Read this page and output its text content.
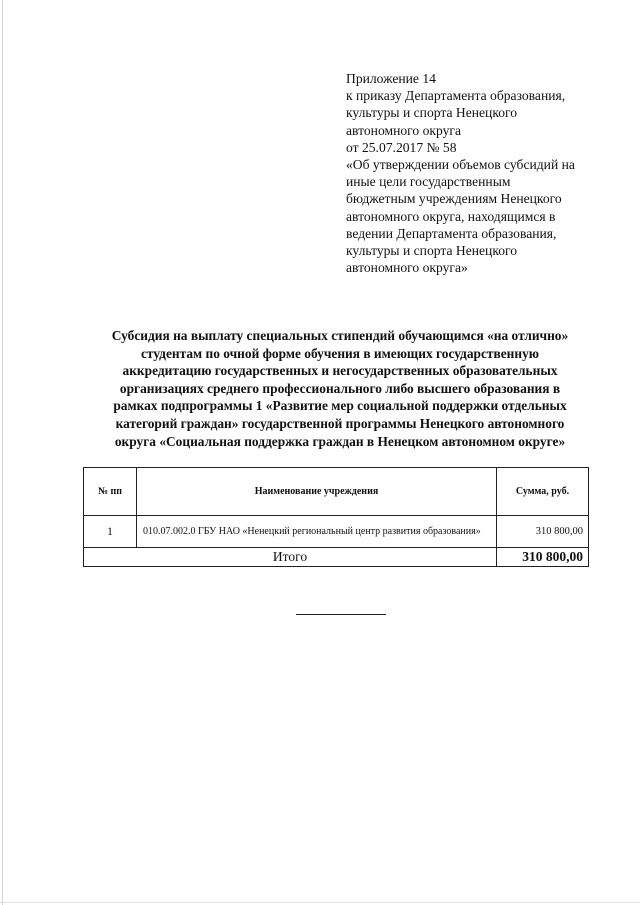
Приложение 14
к приказу Департамента образования,
культуры и спорта Ненецкого
автономного округа
от 25.07.2017 № 58
«Об утверждении объемов субсидий на
иные цели государственным
бюджетным учреждениям Ненецкого
автономного округа, находящимся в
ведении Департамента образования,
культуры и спорта Ненецкого
автономного округа»
Субсидия на выплату специальных стипендий обучающимся «на отлично»
студентам по очной форме обучения в имеющих государственную
аккредитацию государственных и негосударственных образовательных
организациях среднего профессионального либо высшего образования в
рамках подпрограммы 1 «Развитие мер социальной поддержки отдельных
категорий граждан» государственной программы Ненецкого автономного
округа «Социальная поддержка граждан в Ненецком автономном округе»
№ пп	Наименование учреждения	Сумма, руб.
1	010.07.002.0 ГБУ НАО «Ненецкий региональный центр развития образования»	310 800,00
Итого		310 800,00
